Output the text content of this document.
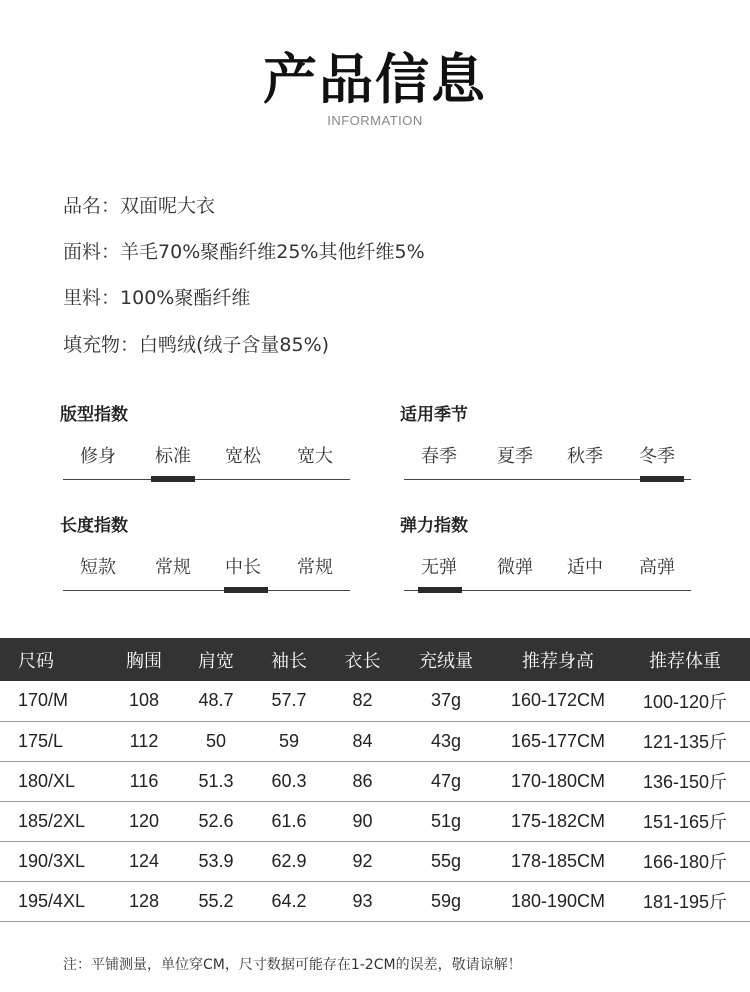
产品信息
INFORMATION
品名：双面呢大衣
面料：羊毛70%聚酯纤维25%其他纤维5%
里料：100%聚酯纤维
填充物：白鸭绒(绒子含量85%)
版型指数
修身	标准	宽松	宽大
适用季节
春季	夏季	秋季	冬季
长度指数
短款	常规	中长	常规
弹力指数
无弹	微弹	适中	高弹
尺码	胸围	肩宽	袖长	衣长	充绒量	推荐身高	推荐体重
170/M	108	48.7	57.7	82	37g	160-172CM	100-120斤
175/L	112	50	59	84	43g	165-177CM	121-135斤
180/XL	116	51.3	60.3	86	47g	170-180CM	136-150斤
185/2XL	120	52.6	61.6	90	51g	175-182CM	151-165斤
190/3XL	124	53.9	62.9	92	55g	178-185CM	166-180斤
195/4XL	128	55.2	64.2	93	59g	180-190CM	181-195斤
注：平铺测量，单位穿CM，尺寸数据可能存在1-2CM的误差，敬请谅解！
